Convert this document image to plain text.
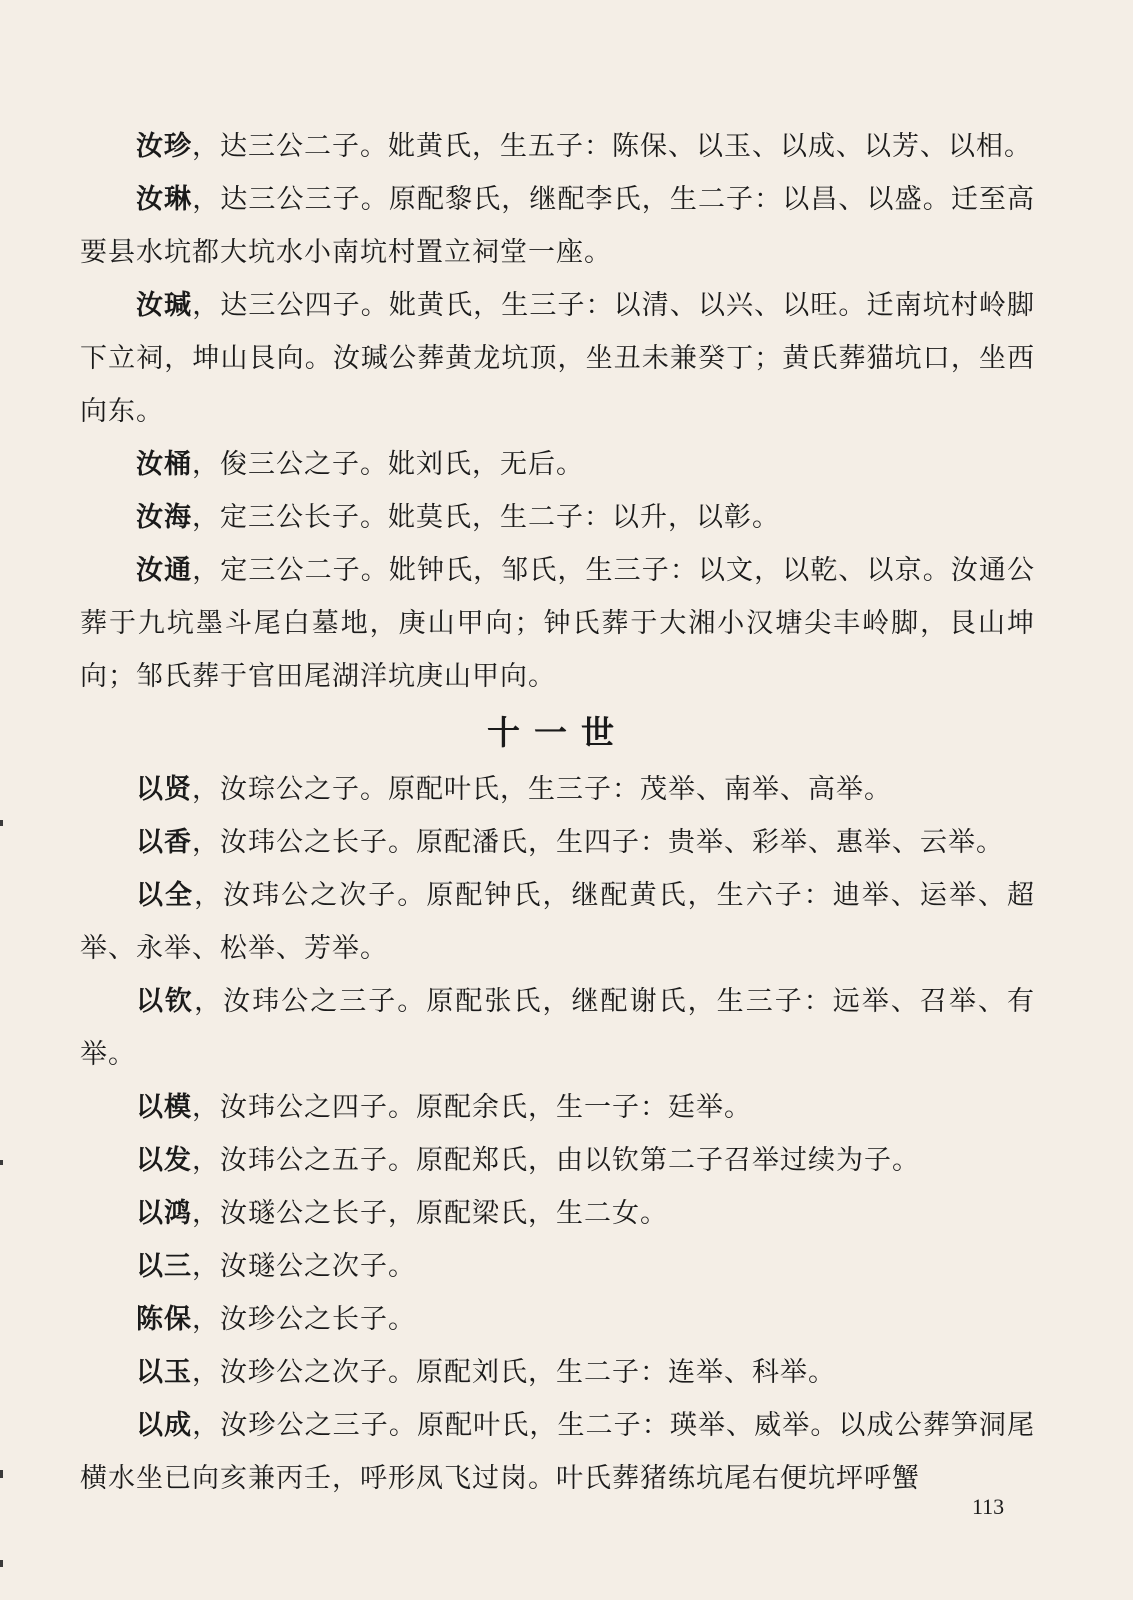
汝珍，达三公二子。妣黄氏，生五子：陈保、以玉、以成、以芳、以相。

汝琳，达三公三子。原配黎氏，继配李氏，生二子：以昌、以盛。迁至高要县水坑都大坑水小南坑村置立祠堂一座。

汝瑊，达三公四子。妣黄氏，生三子：以清、以兴、以旺。迁南坑村岭脚下立祠，坤山艮向。汝瑊公葬黄龙坑顶，坐丑未兼癸丁；黄氏葬猫坑口，坐西向东。

汝桶，俊三公之子。妣刘氏，无后。

汝海，定三公长子。妣莫氏，生二子：以升，以彰。

汝通，定三公二子。妣钟氏，邹氏，生三子：以文，以乾、以京。汝通公葬于九坑墨斗尾白墓地，庚山甲向；钟氏葬于大湘小汉塘尖丰岭脚，艮山坤向；邹氏葬于官田尾湖洋坑庚山甲向。

十一世

以贤，汝琮公之子。原配叶氏，生三子：茂举、南举、高举。

以香，汝玮公之长子。原配潘氏，生四子：贵举、彩举、惠举、云举。

以全，汝玮公之次子。原配钟氏，继配黄氏，生六子：迪举、运举、超举、永举、松举、芳举。

以钦，汝玮公之三子。原配张氏，继配谢氏，生三子：远举、召举、有举。

以模，汝玮公之四子。原配余氏，生一子：廷举。

以发，汝玮公之五子。原配郑氏，由以钦第二子召举过续为子。

以鸿，汝璲公之长子，原配梁氏，生二女。

以三，汝璲公之次子。

陈保，汝珍公之长子。

以玉，汝珍公之次子。原配刘氏，生二子：连举、科举。

以成，汝珍公之三子。原配叶氏，生二子：瑛举、威举。以成公葬笋洞尾横水坐已向亥兼丙壬，呼形凤飞过岗。叶氏葬猪练坑尾右便坑坪呼蟹

113
